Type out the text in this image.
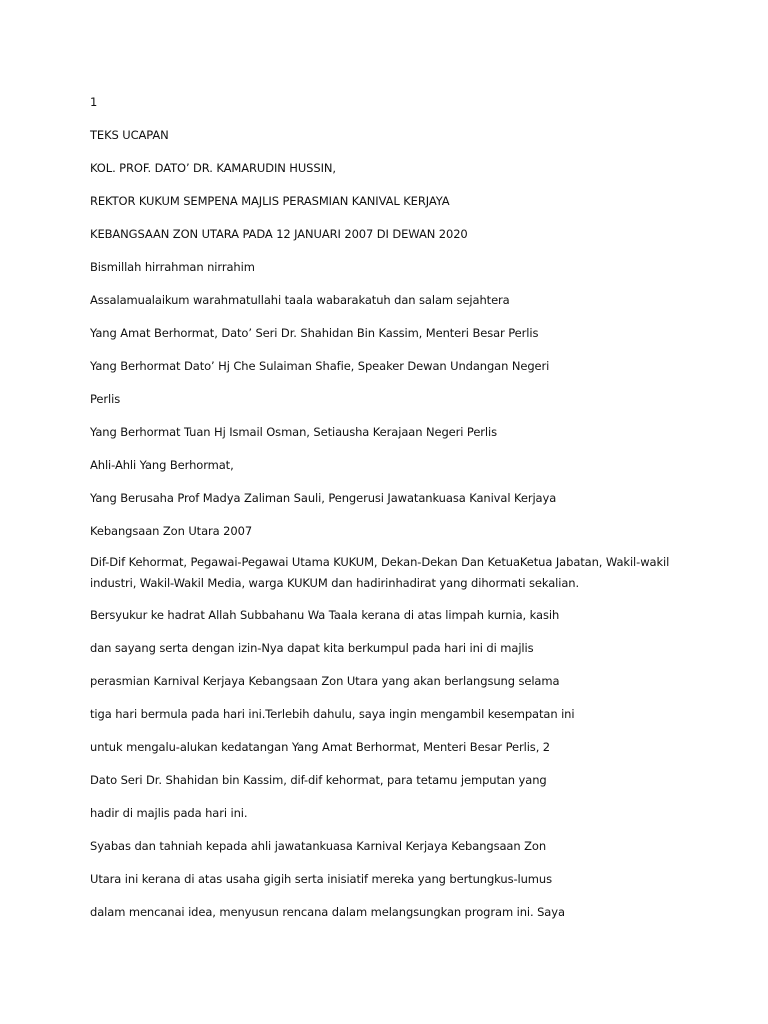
1
TEKS UCAPAN
KOL. PROF. DATO’ DR. KAMARUDIN HUSSIN,
REKTOR KUKUM SEMPENA MAJLIS PERASMIAN KANIVAL KERJAYA
KEBANGSAAN ZON UTARA PADA 12 JANUARI 2007 DI DEWAN 2020
Bismillah hirrahman nirrahim
Assalamualaikum warahmatullahi taala wabarakatuh dan salam sejahtera
Yang Amat Berhormat, Dato’ Seri Dr. Shahidan Bin Kassim, Menteri Besar Perlis
Yang Berhormat Dato’ Hj Che Sulaiman Shafie, Speaker Dewan Undangan Negeri
Perlis
Yang Berhormat Tuan Hj Ismail Osman, Setiausha Kerajaan Negeri Perlis
Ahli-Ahli Yang Berhormat,
Yang Berusaha Prof Madya Zaliman Sauli, Pengerusi Jawatankuasa Kanival Kerjaya
Kebangsaan Zon Utara 2007
Dif-Dif Kehormat, Pegawai-Pegawai Utama KUKUM, Dekan-Dekan Dan KetuaKetua Jabatan, Wakil-wakil
industri, Wakil-Wakil Media, warga KUKUM dan hadirinhadirat yang dihormati sekalian.
Bersyukur ke hadrat Allah Subbahanu Wa Taala kerana di atas limpah kurnia, kasih
dan sayang serta dengan izin-Nya dapat kita berkumpul pada hari ini di majlis
perasmian Karnival Kerjaya Kebangsaan Zon Utara yang akan berlangsung selama
tiga hari bermula pada hari ini.Terlebih dahulu, saya ingin mengambil kesempatan ini
untuk mengalu-alukan kedatangan Yang Amat Berhormat, Menteri Besar Perlis, 2
Dato Seri Dr. Shahidan bin Kassim, dif-dif kehormat, para tetamu jemputan yang
hadir di majlis pada hari ini.
Syabas dan tahniah kepada ahli jawatankuasa Karnival Kerjaya Kebangsaan Zon
Utara ini kerana di atas usaha gigih serta inisiatif mereka yang bertungkus-lumus
dalam mencanai idea, menyusun rencana dalam melangsungkan program ini. Saya
